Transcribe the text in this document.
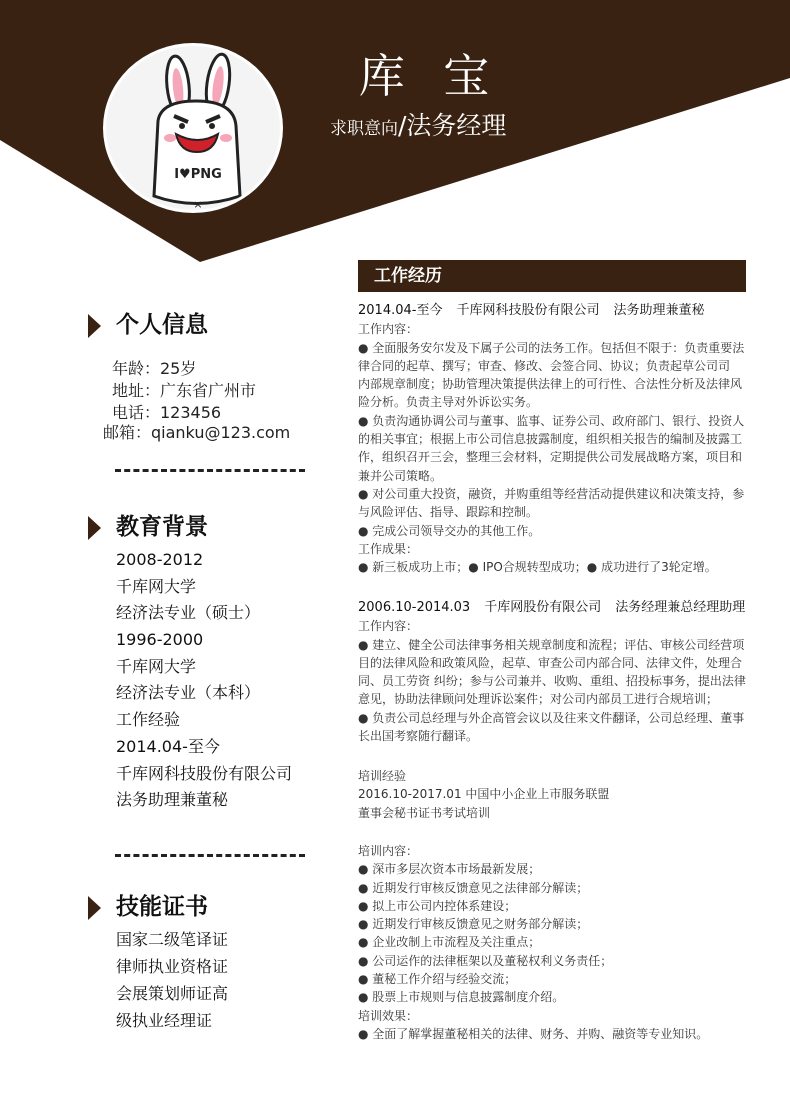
I♥PNG
×
库 宝
求职意向/法务经理
个人信息
年龄：25岁
地址：广东省广州市
电话：123456
邮箱：qianku@123.com
教育背景
2008-2012
千库网大学
经济法专业（硕士）
1996-2000
千库网大学
经济法专业（本科）
工作经验
2014.04-至今
千库网科技股份有限公司
法务助理兼董秘
技能证书
国家二级笔译证
律师执业资格证
会展策划师证高
级执业经理证
工作经历

2014.04-至今 千库网科技股份有限公司 法务助理兼董秘

工作内容：

● 全面服务安尔发及下属子公司的法务工作。包括但不限于：负责重要法

律合同的起草、撰写；审查、修改、会签合同、协议；负责起草公司司

内部规章制度；协助管理决策提供法律上的可行性、合法性分析及法律风

险分析。负责主导对外诉讼实务。

● 负责沟通协调公司与董事、监事、证券公司、政府部门、银行、投资人

的相关事宜；根据上市公司信息披露制度，组织相关报告的编制及披露工

作，组织召开三会，整理三会材料，定期提供公司发展战略方案，项目和

兼并公司策略。

● 对公司重大投资，融资，并购重组等经营活动提供建议和决策支持，参

与风险评估、指导、跟踪和控制。

● 完成公司领导交办的其他工作。

工作成果：

● 新三板成功上市；● IPO合规转型成功；● 成功进行了3轮定增。

2006.10-2014.03 千库网股份有限公司 法务经理兼总经理助理

工作内容：

● 建立、健全公司法律事务相关规章制度和流程；评估、审核公司经营项

目的法律风险和政策风险，起草、审查公司内部合同、法律文件，处理合

同、员工劳资 纠纷；参与公司兼并、收购、重组、招投标事务，提出法律

意见，协助法律顾问处理诉讼案件；对公司内部员工进行合规培训；

● 负责公司总经理与外企高管会议以及往来文件翻译，公司总经理、董事

长出国考察随行翻译。

培训经验

2016.10-2017.01 中国中小企业上市服务联盟

董事会秘书证书考试培训

培训内容：

● 深市多层次资本市场最新发展；

● 近期发行审核反馈意见之法律部分解读；

● 拟上市公司内控体系建设；

● 近期发行审核反馈意见之财务部分解读；

● 企业改制上市流程及关注重点；

● 公司运作的法律框架以及董秘权利义务责任；

● 董秘工作介绍与经验交流；

● 股票上市规则与信息披露制度介绍。

培训效果：

● 全面了解掌握董秘相关的法律、财务、并购、融资等专业知识。
